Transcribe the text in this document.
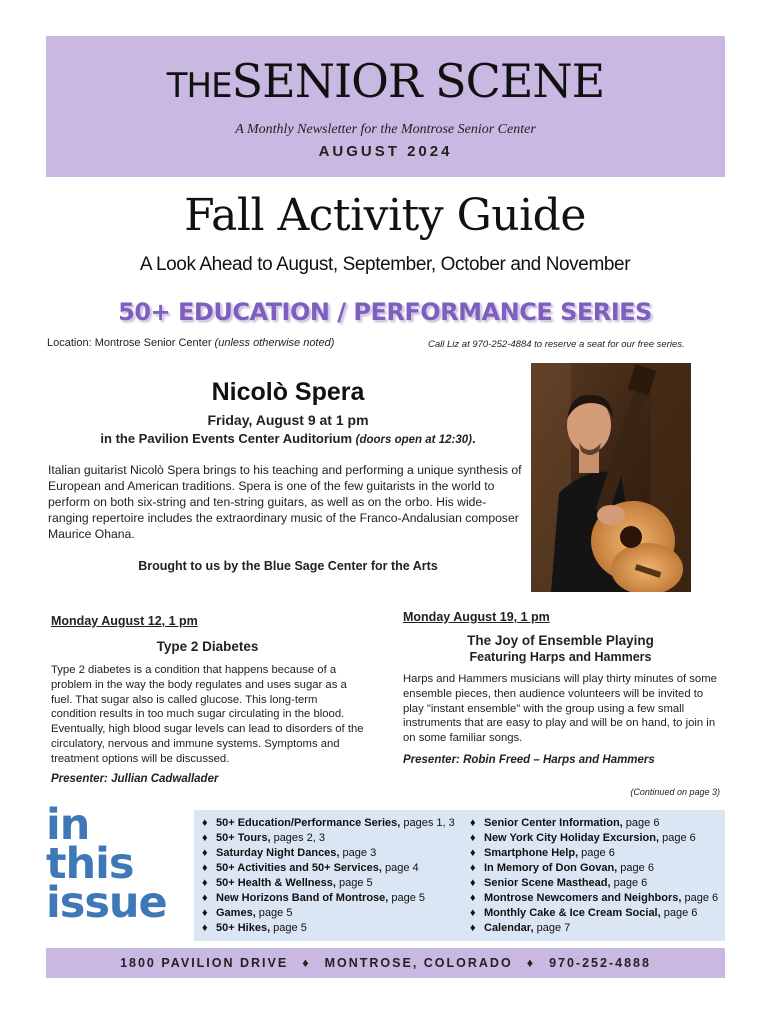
THESENIOR SCENE
A Monthly Newsletter for the Montrose Senior Center
AUGUST 2024
Fall Activity Guide
A Look Ahead to August, September, October and November
50+ EDUCATION / PERFORMANCE SERIES
Location: Montrose Senior Center (unless otherwise noted)	Call Liz at 970-252-4884 to reserve a seat for our free series.
Nicolò Spera
Friday, August 9 at 1 pm
in the Pavilion Events Center Auditorium (doors open at 12:30).
Italian guitarist Nicolò Spera brings to his teaching and performing a unique synthesis of European and American traditions. Spera is one of the few guitarists in the world to perform on both six-string and ten-string guitars, as well as on the orbo. His wide-ranging repertoire includes the extraordinary music of the Franco-Andalusian composer Maurice Ohana.
Brought to us by the Blue Sage Center for the Arts
Monday August 12, 1 pm
Type 2 Diabetes
Type 2 diabetes is a condition that happens because of a problem in the way the body regulates and uses sugar as a fuel. That sugar also is called glucose. This long-term condition results in too much sugar circulating in the blood. Eventually, high blood sugar levels can lead to disorders of the circulatory, nervous and immune systems. Symptoms and treatment options will be discussed.
Presenter: Jullian Cadwallader
Monday August 19, 1 pm
The Joy of Ensemble Playing
Featuring Harps and Hammers
Harps and Hammers musicians will play thirty minutes of some ensemble pieces, then audience volunteers will be invited to play "instant ensemble" with the group using a few small instruments that are easy to play and will be on hand, to join in on some familiar songs.
Presenter: Robin Freed – Harps and Hammers
(Continued on page 3)
in
this
issue
♦ 50+ Education/Performance Series, pages 1, 3
♦ 50+ Tours, pages 2, 3
♦ Saturday Night Dances, page 3
♦ 50+ Activities and 50+ Services, page 4
♦ 50+ Health & Wellness, page 5
♦ New Horizons Band of Montrose, page 5
♦ Games, page 5
♦ 50+ Hikes, page 5
♦ Senior Center Information, page 6
♦ New York City Holiday Excursion, page 6
♦ Smartphone Help, page 6
♦ In Memory of Don Govan, page 6
♦ Senior Scene Masthead, page 6
♦ Montrose Newcomers and Neighbors, page 6
♦ Monthly Cake & Ice Cream Social, page 6
♦ Calendar, page 7
1800 PAVILION DRIVE ♦ MONTROSE, COLORADO ♦ 970-252-4888
